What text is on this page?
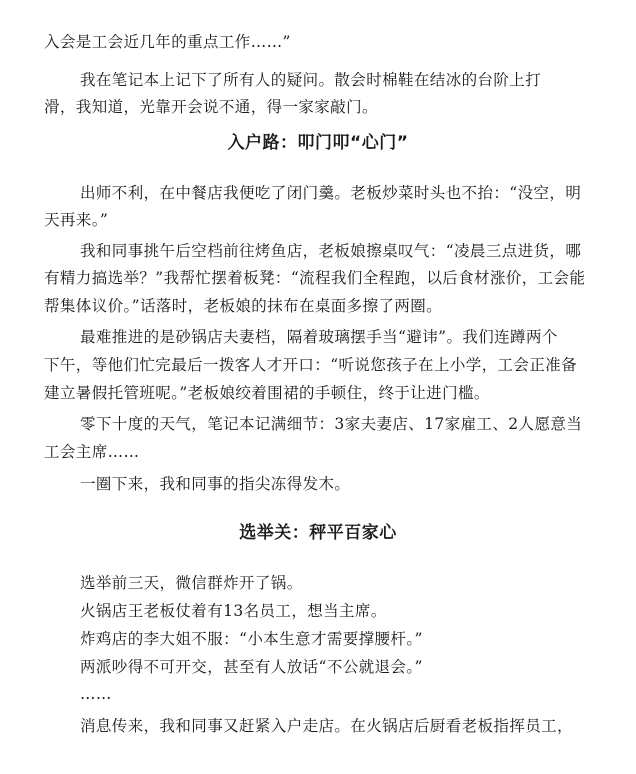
入会是工会近几年的重点工作……”
我在笔记本上记下了所有人的疑问。散会时棉鞋在结冰的台阶上打
滑，我知道，光靠开会说不通，得一家家敲门。
入户路：叩门叩“心门”
出师不利，在中餐店我便吃了闭门羹。老板炒菜时头也不抬：“没空，明
天再来。”
我和同事挑午后空档前往烤鱼店，老板娘擦桌叹气：“凌晨三点进货，哪
有精力搞选举？”我帮忙摆着板凳：“流程我们全程跑，以后食材涨价，工会能
帮集体议价。”话落时，老板娘的抹布在桌面多擦了两圈。
最难推进的是砂锅店夫妻档，隔着玻璃摆手当“避讳”。我们连蹲两个
下午，等他们忙完最后一拨客人才开口：“听说您孩子在上小学，工会正准备
建立暑假托管班呢。”老板娘绞着围裙的手顿住，终于让进门槛。
零下十度的天气，笔记本记满细节：3家夫妻店、17家雇工、2人愿意当
工会主席……
一圈下来，我和同事的指尖冻得发木。
选举关：秤平百家心
选举前三天，微信群炸开了锅。
火锅店王老板仗着有13名员工，想当主席。
炸鸡店的李大姐不服：“小本生意才需要撑腰杆。”
两派吵得不可开交，甚至有人放话“不公就退会。”
……
消息传来，我和同事又赶紧入户走店。在火锅店后厨看老板指挥员工，
